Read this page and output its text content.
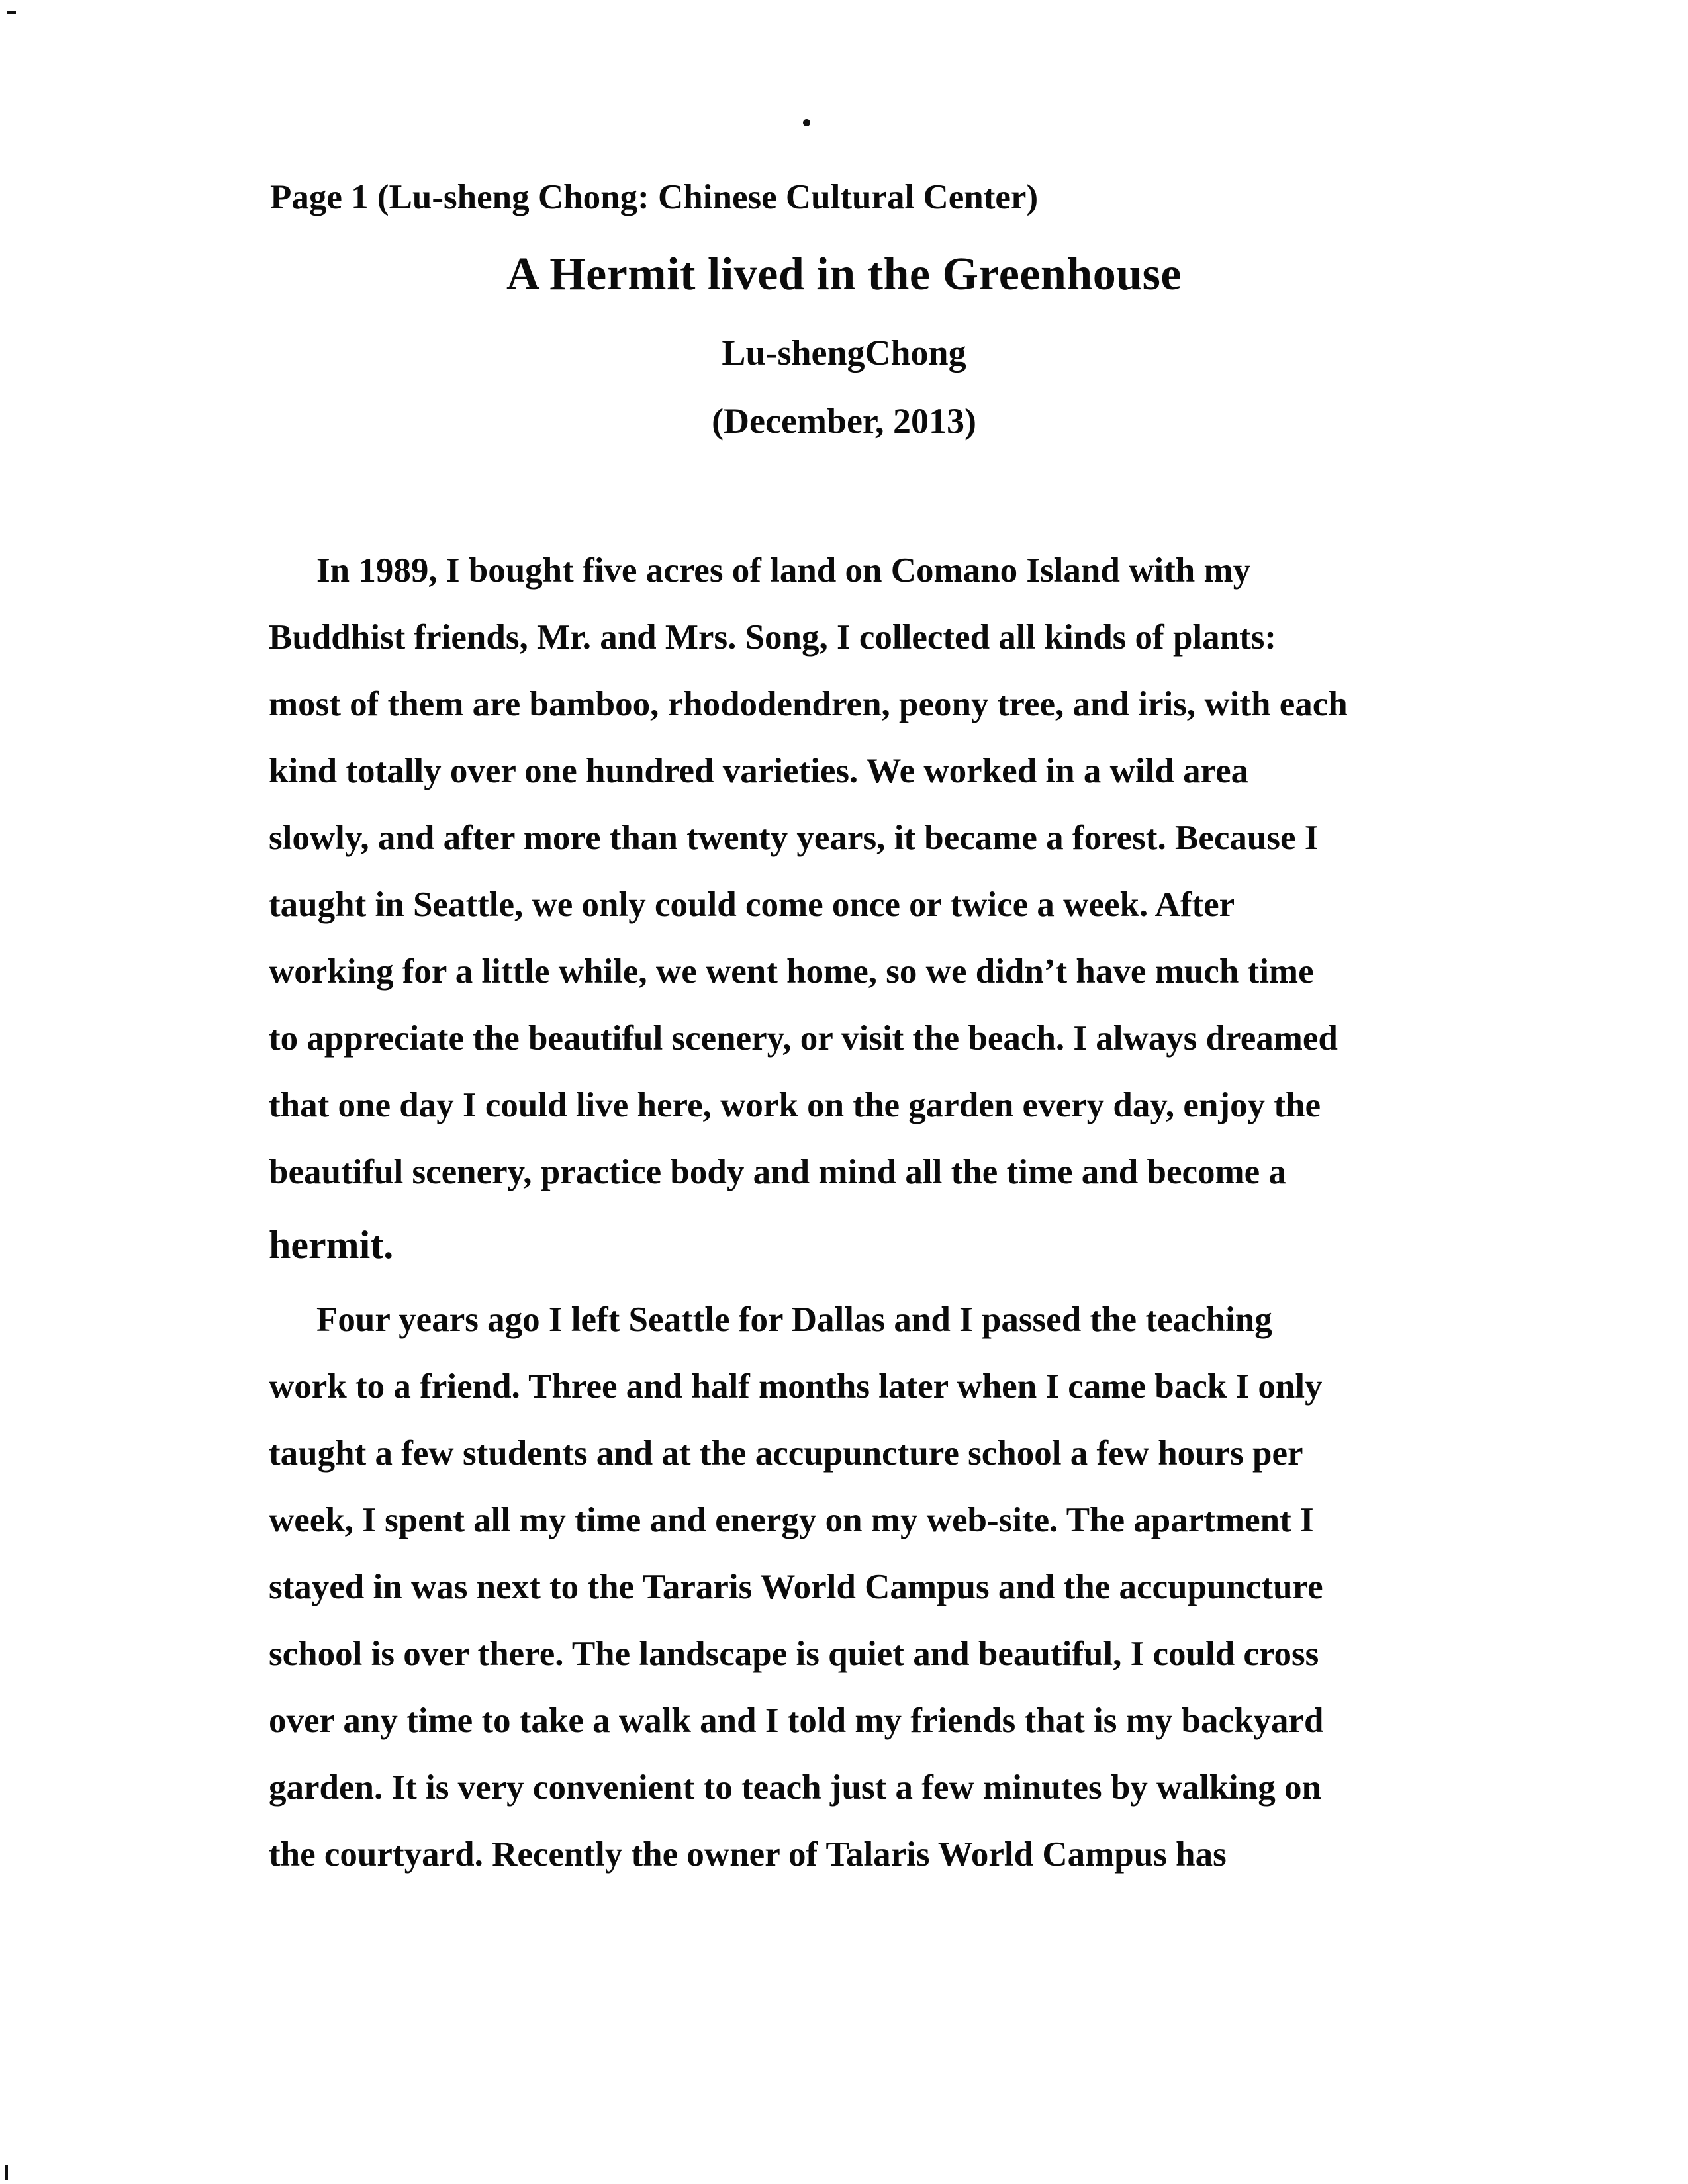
Page 1 (Lu-sheng Chong: Chinese Cultural Center)
A Hermit lived in the Greenhouse
Lu-shengChong
(December, 2013)
In 1989, I bought five acres of land on Comano Island with my
Buddhist friends, Mr. and Mrs. Song, I collected all kinds of plants:
most of them are bamboo, rhododendren, peony tree, and iris, with each
kind totally over one hundred varieties. We worked in a wild area
slowly, and after more than twenty years, it became a forest. Because I
taught in Seattle, we only could come once or twice a week. After
working for a little while, we went home, so we didn’t have much time
to appreciate the beautiful scenery, or visit the beach. I always dreamed
that one day I could live here, work on the garden every day, enjoy the
beautiful scenery, practice body and mind all the time and become a
hermit.
Four years ago I left Seattle for Dallas and I passed the teaching
work to a friend. Three and half months later when I came back I only
taught a few students and at the accupuncture school a few hours per
week, I spent all my time and energy on my web-site. The apartment I
stayed in was next to the Tararis World Campus and the accupuncture
school is over there. The landscape is quiet and beautiful, I could cross
over any time to take a walk and I told my friends that is my backyard
garden. It is very convenient to teach just a few minutes by walking on
the courtyard. Recently the owner of Talaris World Campus has
